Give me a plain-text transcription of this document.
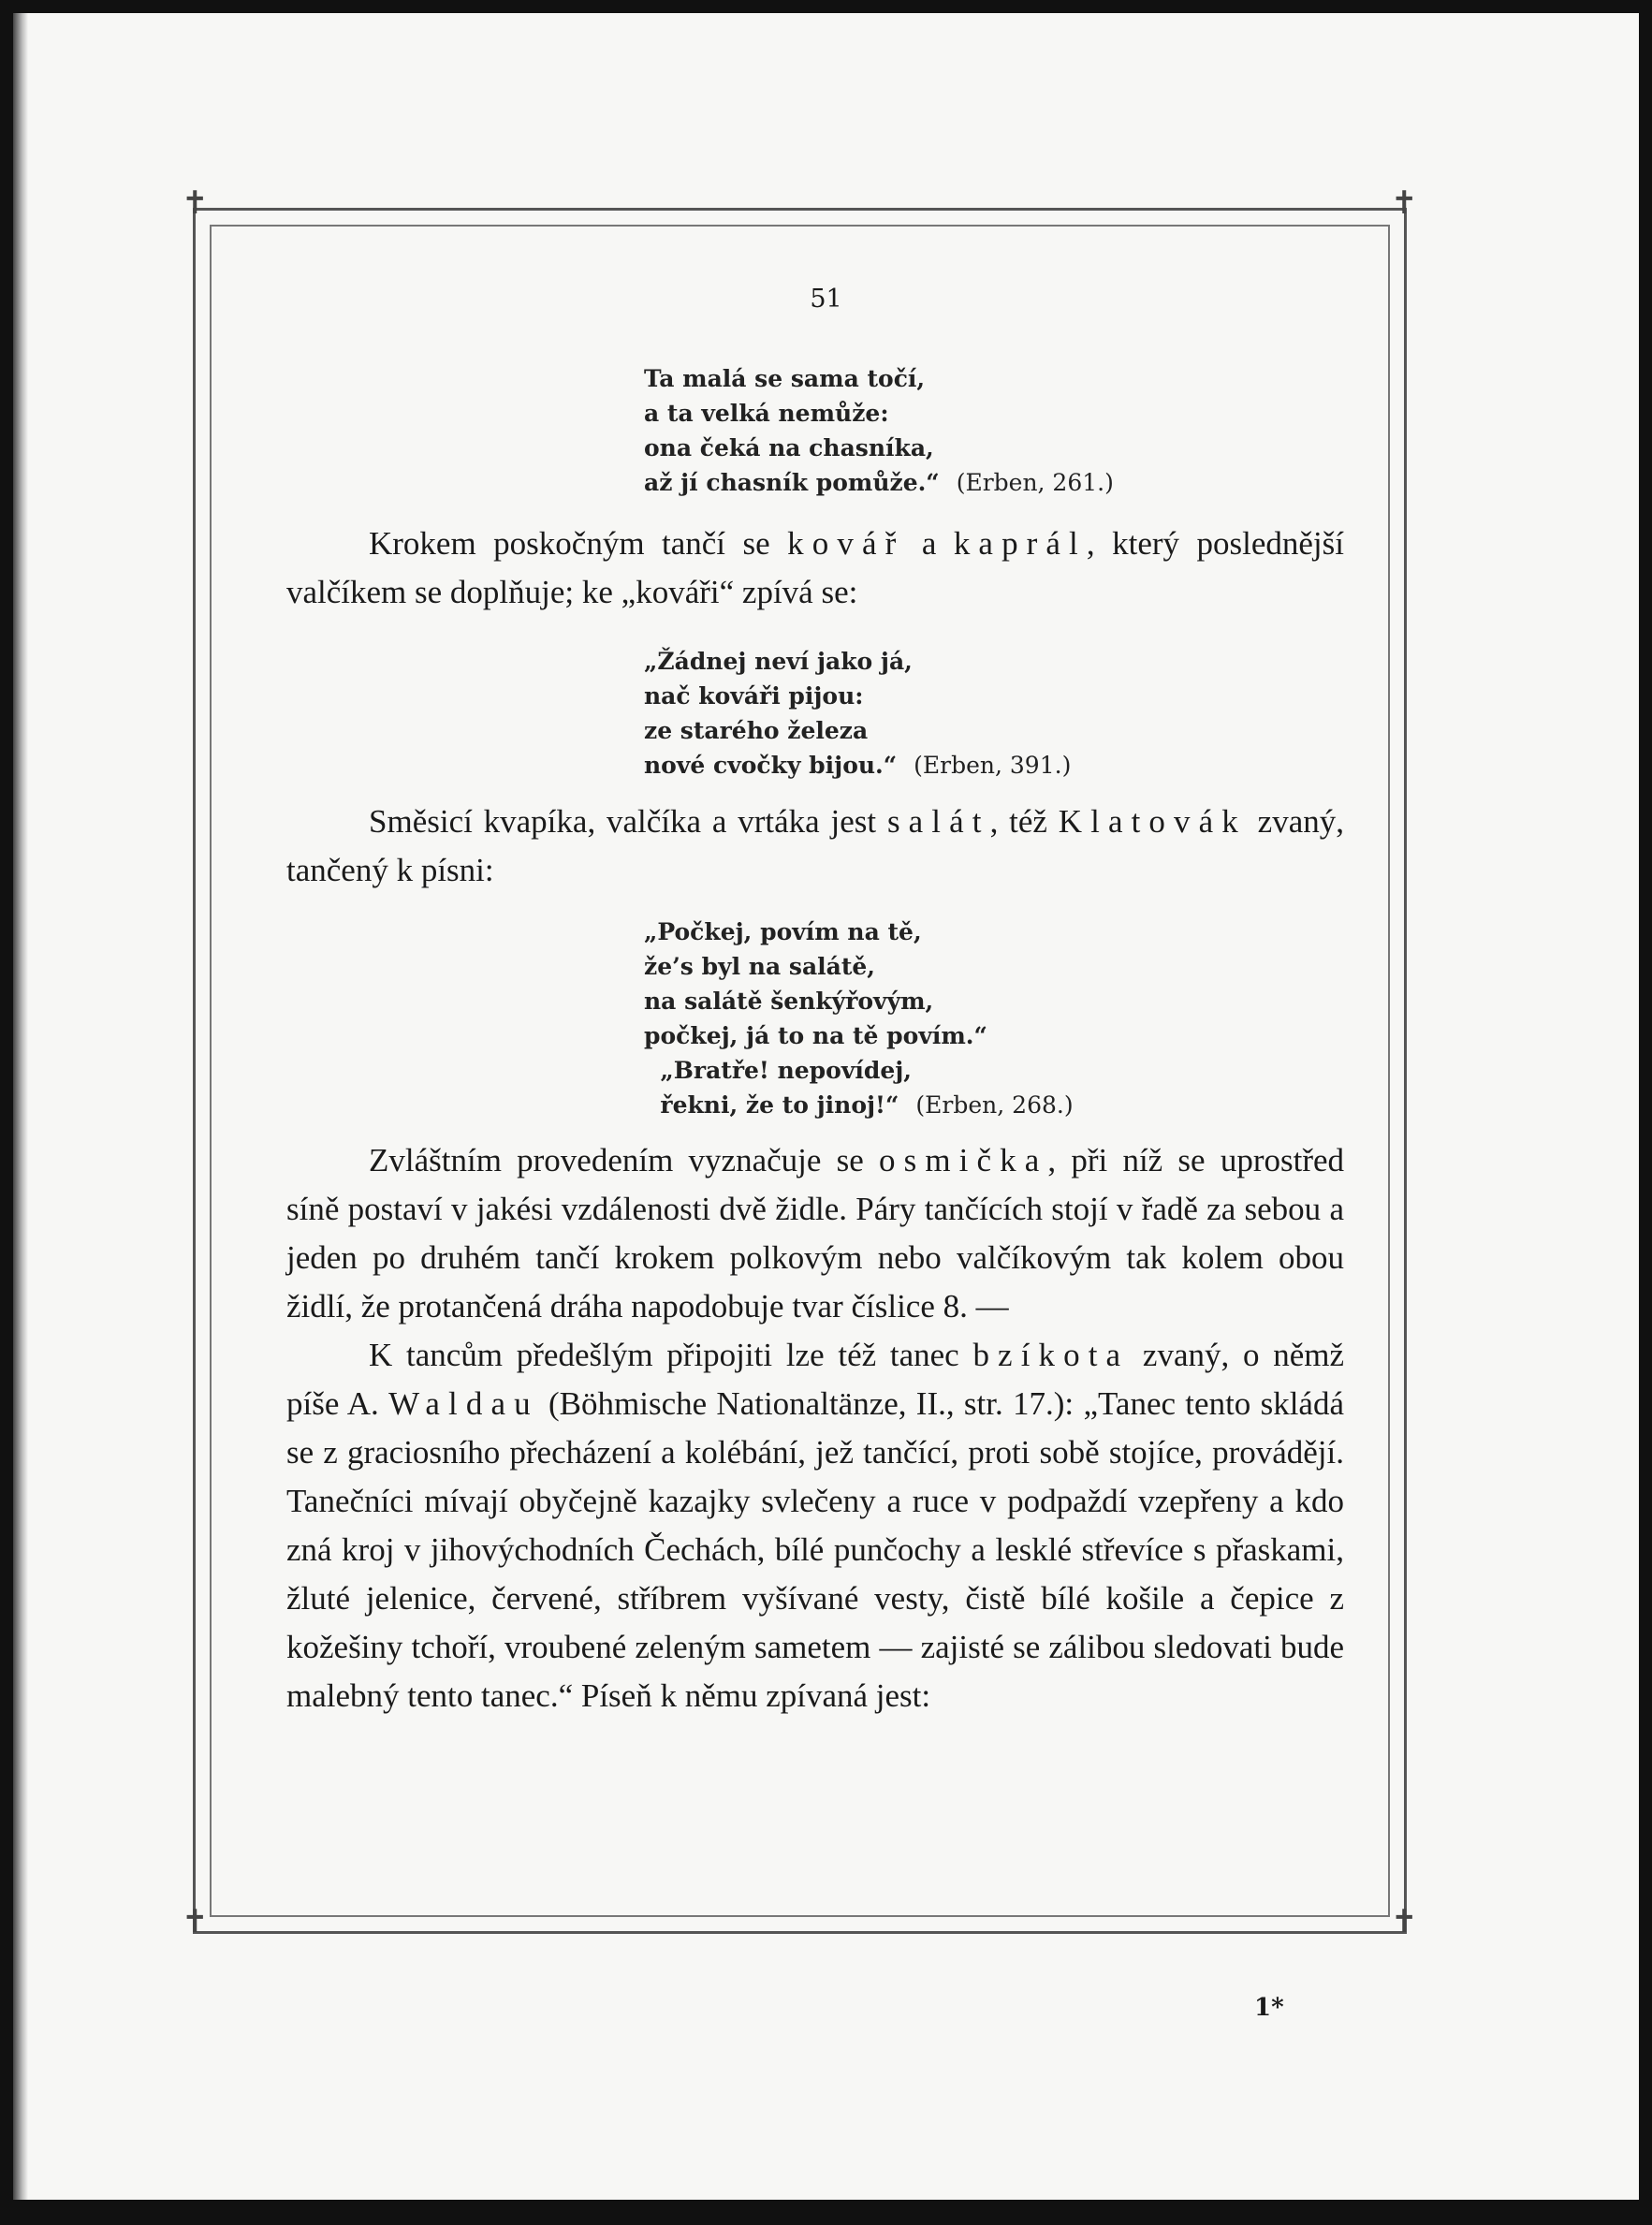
✝	✝
✝	✝
51
Ta malá se sama točí,
a ta velká nemůže:
ona čeká na chasníka,
až jí chasník pomůže.“ (Erben, 261.)

Krokem poskočným tančí se kovář a kaprál, který poslednější valčíkem se doplňuje; ke „kováři“ zpívá se:

„Žádnej neví jako já,
nač kováři pijou:
ze starého železa
nové cvočky bijou.“ (Erben, 391.)

Směsicí kvapíka, valčíka a vrtáka jest salát, též Klatovák zvaný, tančený k písni:

„Počkej, povím na tě,
že’s byl na salátě,
na salátě šenkýřovým,
počkej, já to na tě povím.“
„Bratře! nepovídej,
řekni, že to jinoj!“ (Erben, 268.)

Zvláštním provedením vyznačuje se osmička, při níž se uprostřed síně postaví v jakési vzdálenosti dvě židle. Páry tančících stojí v řadě za sebou a jeden po druhém tančí krokem polkovým nebo valčíkovým tak kolem obou židlí, že protančená dráha napodobuje tvar číslice 8. —

K tancům předešlým připojiti lze též tanec bzíkota zvaný, o němž píše A. Waldau (Böhmische Nationaltänze, II., str. 17.): „Tanec tento skládá se z graciosního přecházení a kolébání, jež tančící, proti sobě stojíce, provádějí. Tanečníci mívají obyčejně kazajky svlečeny a ruce v podpaždí vzepřeny a kdo zná kroj v jihovýchodních Čechách, bílé punčochy a lesklé střevíce s přaskami, žluté jelenice, červené, stříbrem vyšívané vesty, čistě bílé košile a čepice z kožešiny tchoří, vroubené zeleným sametem — zajisté se zálibou sledovati bude malebný tento tanec.“ Píseň k němu zpívaná jest:

1*
